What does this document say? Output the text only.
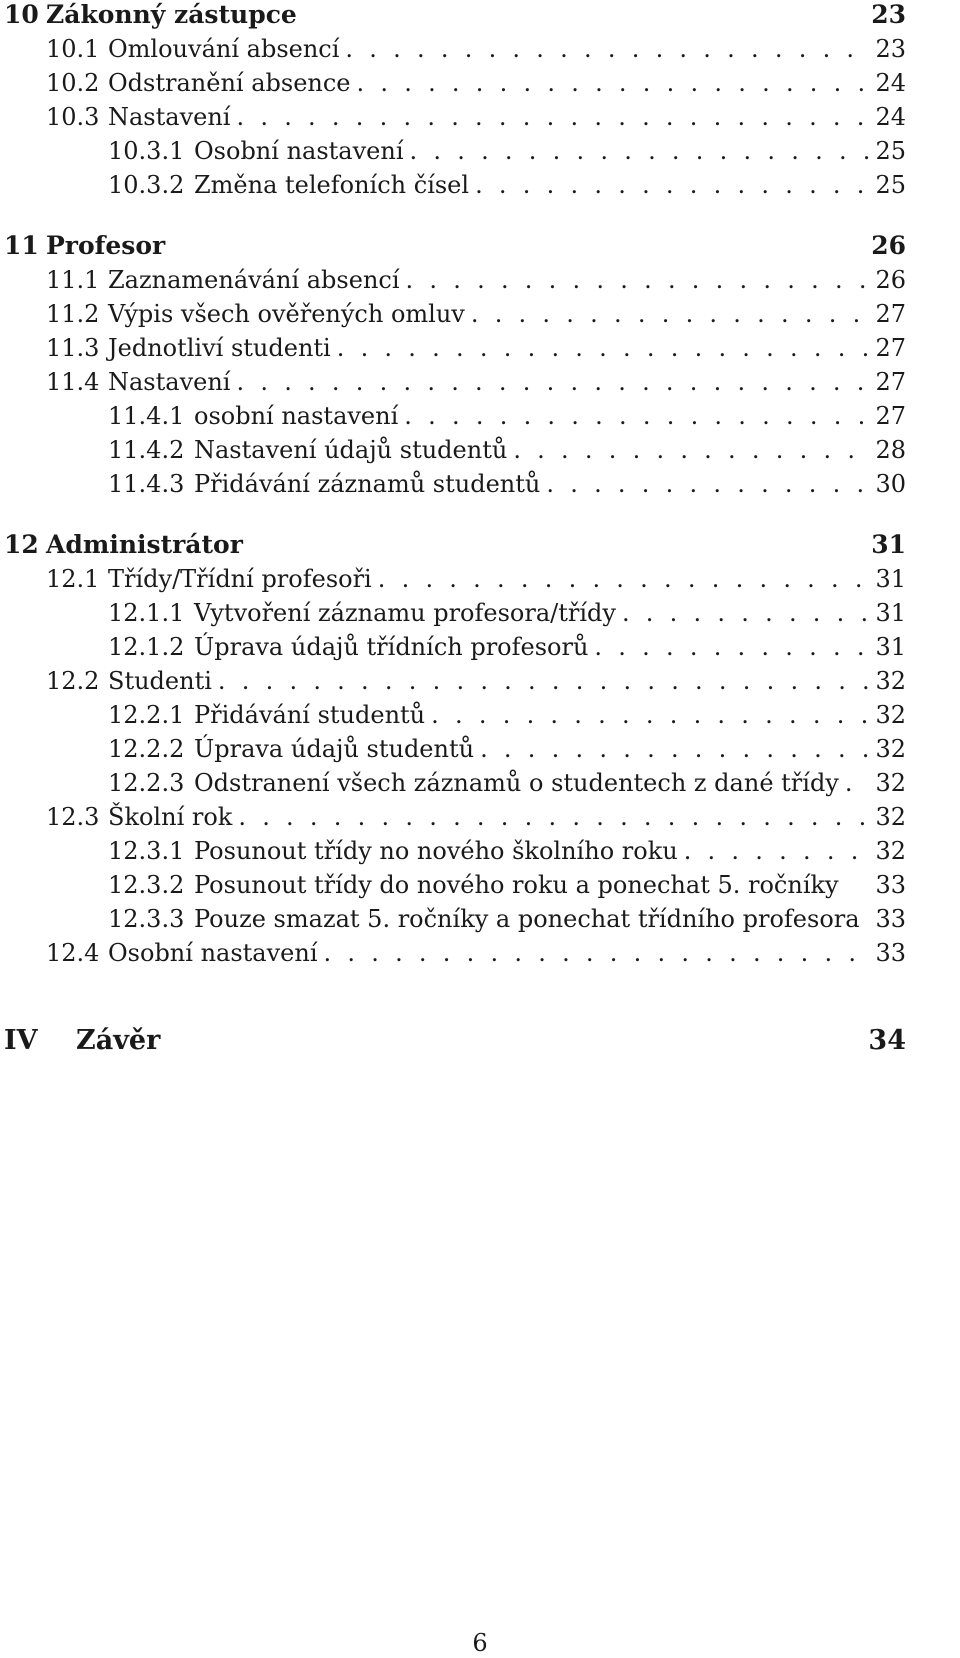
10 Zákonný zástupce	23
10.1 Omlouvání absencí . . .	23
10.2 Odstranění absence . . .	24
10.3 Nastavení . . .	24
10.3.1 Osobní nastavení . . .	25
10.3.2 Změna telefoních čísel . . .	25
11 Profesor	26
11.1 Zaznamenávání absencí . . .	26
11.2 Výpis všech ověřených omluv . . .	27
11.3 Jednotliví studenti . . .	27
11.4 Nastavení . . .	27
11.4.1 osobní nastavení . . .	27
11.4.2 Nastavení údajů studentů . . .	28
11.4.3 Přidávání záznamů studentů . . .	30
12 Administrátor	31
12.1 Třídy/Třídní profesoři . . .	31
12.1.1 Vytvoření záznamu profesora/třídy . . .	31
12.1.2 Úprava údajů třídních profesorů . . .	31
12.2 Studenti . . .	32
12.2.1 Přidávání studentů . . .	32
12.2.2 Úprava údajů studentů . . .	32
12.2.3 Odstranení všech záznamů o studentech z dané třídy . . . 32
12.3 Školní rok . . .	32
12.3.1 Posunout třídy no nového školního roku . . .	32
12.3.2 Posunout třídy do nového roku a ponechat 5. ročníky 33
12.3.3 Pouze smazat 5. ročníky a ponechat třídního profesora 33
12.4 Osobní nastavení . . .	33
IV	Závěr	34
6
